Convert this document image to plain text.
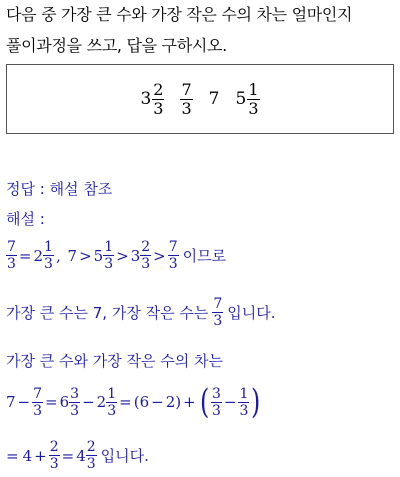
다음 중 가장 큰 수와 가장 작은 수의 차는 얼마인지
풀이과정을 쓰고, 답을 구하시오.
$3 \frac{2}{3} \frac{7}{3} 7$ $5 \frac{1}{3}$
정답 : 해설 참조
해설 :
$\frac{7}{3} = 2 \frac{1}{3}$ , $7 > 5 \frac{1}{3} > 3 \frac{2}{3} > \frac{7}{3}$ 이므로
가장 큰 수는 7, 가장 작은 수는 $\frac{7}{3}$ 입니다.
가장 큰 수와 가장 작은 수의 차는
$7 - \frac{7}{3} = 6 \frac{3}{3} - 2 \frac{1}{3} = (6 - 2)$ + ( $\frac{3}{3} - \frac{1}{3}$ )
= $4 + \frac{2}{3} = 4 \frac{2}{3}$ 입니다.
